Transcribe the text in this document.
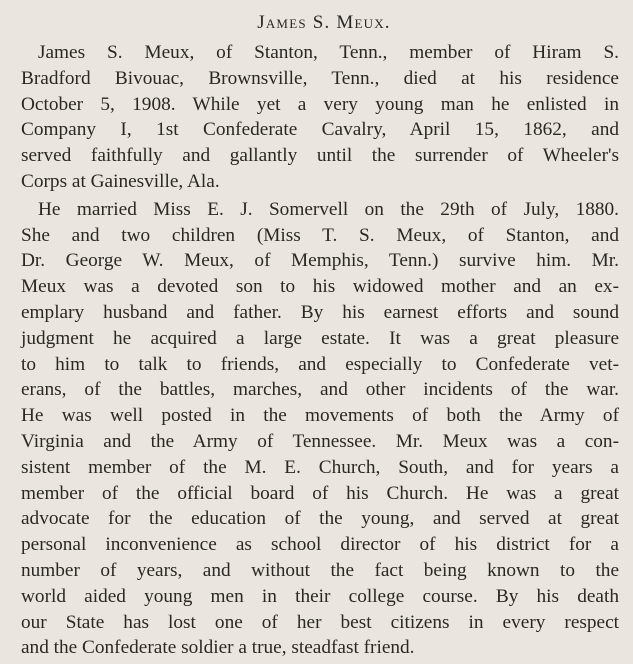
James S. Meux.

James S. Meux, of Stanton, Tenn., member of Hiram S.
Bradford Bivouac, Brownsville, Tenn., died at his residence
October 5, 1908. While yet a very young man he enlisted in
Company I, 1st Confederate Cavalry, April 15, 1862, and
served faithfully and gallantly until the surrender of Wheeler's
Corps at Gainesville, Ala.

He married Miss E. J. Somervell on the 29th of July, 1880.
She and two children (Miss T. S. Meux, of Stanton, and
Dr. George W. Meux, of Memphis, Tenn.) survive him. Mr.
Meux was a devoted son to his widowed mother and an ex-
emplary husband and father. By his earnest efforts and sound
judgment he acquired a large estate. It was a great pleasure
to him to talk to friends, and especially to Confederate vet-
erans, of the battles, marches, and other incidents of the war.
He was well posted in the movements of both the Army of
Virginia and the Army of Tennessee. Mr. Meux was a con-
sistent member of the M. E. Church, South, and for years a
member of the official board of his Church. He was a great
advocate for the education of the young, and served at great
personal inconvenience as school director of his district for a
number of years, and without the fact being known to the
world aided young men in their college course. By his death
our State has lost one of her best citizens in every respect
and the Confederate soldier a true, steadfast friend.
